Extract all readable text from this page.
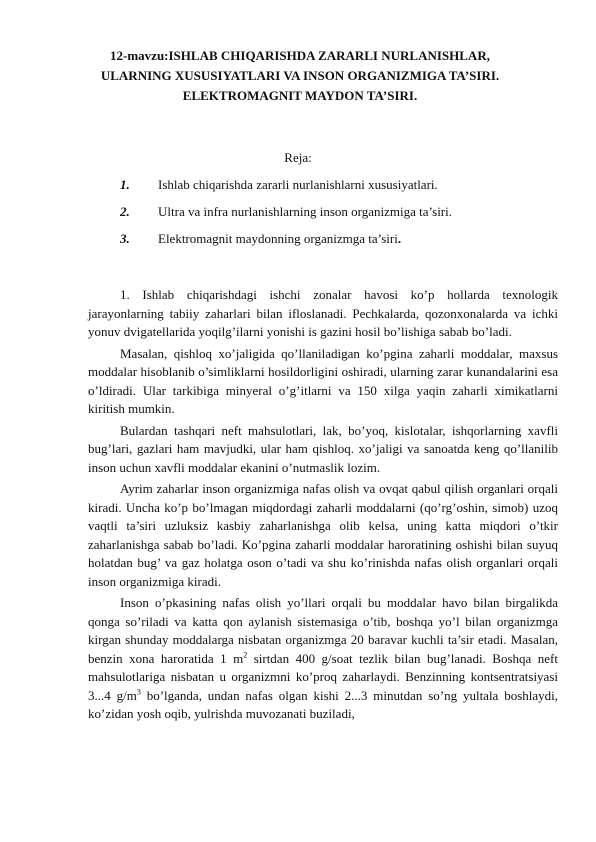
12-mavzu:ISHLAB CHIQARISHDA ZARARLI NURLANISHLAR,
ULARNING XUSUSIYATLARI VA INSON ORGANIZMIGA TA’SIRI.
ELEKTROMAGNIT MAYDON TA’SIRI.
Reja:
1. Ishlab chiqarishda zararli nurlanishlarni xususiyatlari.
2. Ultra va infra nurlanishlarning inson organizmiga ta’siri.
3. Elektromagnit maydonning organizmga ta’siri.

1. Ishlab chiqarishdagi ishchi zonalar havosi ko’p hollarda texnologik jarayonlarning tabiiy zaharlari bilan ifloslanadi. Pechkalarda, qozonxonalarda va ichki yonuv dvigatellarida yoqilg’ilarni yonishi is gazini hosil bo’lishiga sabab bo’ladi.

Masalan, qishloq xo’jaligida qo’llaniladigan ko’pgina zaharli moddalar, maxsus moddalar hisoblanib o’simliklarni hosildorligini oshiradi, ularning zarar kunandalarini esa o’ldiradi. Ular tarkibiga minyeral o’g’itlarni va 150 xilga yaqin zaharli ximikatlarni kiritish mumkin.

Bulardan tashqari neft mahsulotlari, lak, bo’yoq, kislotalar, ishqorlarning xavfli bug’lari, gazlari ham mavjudki, ular ham qishloq. xo’jaligi va sanoatda keng qo’llanilib inson uchun xavfli moddalar ekanini o’nutmaslik lozim.

Ayrim zaharlar inson organizmiga nafas olish va ovqat qabul qilish organlari orqali kiradi. Uncha ko’p bo’lmagan miqdordagi zaharli moddalarni (qo’rg’oshin, simob) uzoq vaqtli ta’siri uzluksiz kasbiy zaharlanishga olib kelsa, uning katta miqdori o’tkir zaharlanishga sabab bo’ladi. Ko’pgina zaharli moddalar haroratining oshishi bilan suyuq holatdan bug’ va gaz holatga oson o’tadi va shu ko’rinishda nafas olish organlari orqali inson organizmiga kiradi.

Inson o’pkasining nafas olish yo’llari orqali bu moddalar havo bilan birgalikda qonga so’riladi va katta qon aylanish sistemasiga o’tib, boshqa yo’l bilan organizmga kirgan shunday moddalarga nisbatan organizmga 20 baravar kuchli ta’sir etadi. Masalan, benzin xona haroratida 1 $m^2$ sirtdan 400 g/soat tezlik bilan bug’lanadi. Boshqa neft mahsulotlariga nisbatan u organizmni ko’proq zaharlaydi. Benzinning kontsentratsiyasi 3...4 $g/m^3$ bo’lganda, undan nafas olgan kishi 2...3 minutdan so’ng yultala boshlaydi, ko’zidan yosh oqib, yulrishda muvozanati buziladi,
